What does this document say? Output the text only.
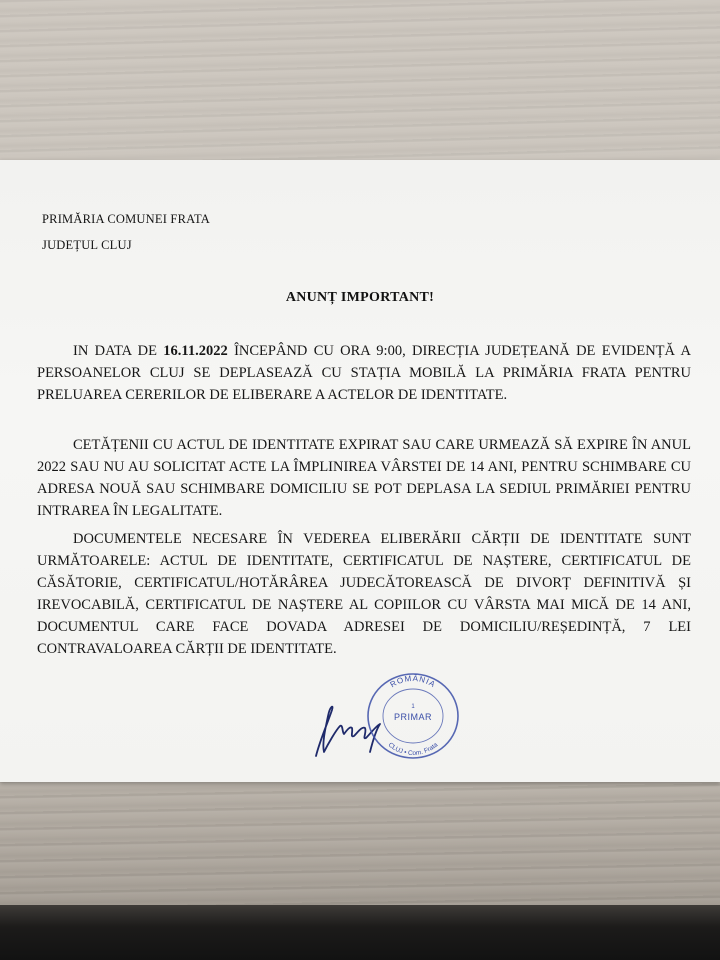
PRIMĂRIA COMUNEI FRATA
JUDEȚUL CLUJ
ANUNȚ IMPORTANT!
IN DATA DE 16.11.2022 ÎNCEPÂND CU ORA 9:00, DIRECȚIA JUDEȚEANĂ DE EVIDENȚĂ A PERSOANELOR CLUJ SE DEPLASEAZĂ CU STAȚIA MOBILĂ LA PRIMĂRIA FRATA PENTRU PRELUAREA CERERILOR DE ELIBERARE A ACTELOR DE IDENTITATE.
CETĂȚENII CU ACTUL DE IDENTITATE EXPIRAT SAU CARE URMEAZĂ SĂ EXPIRE ÎN ANUL 2022 SAU NU AU SOLICITAT ACTE LA ÎMPLINIREA VÂRSTEI DE 14 ANI, PENTRU SCHIMBARE CU ADRESA NOUĂ SAU SCHIMBARE DOMICILIU SE POT DEPLASA LA SEDIUL PRIMĂRIEI PENTRU INTRAREA ÎN LEGALITATE.
DOCUMENTELE NECESARE ÎN VEDEREA ELIBERĂRII CĂRȚII DE IDENTITATE SUNT URMĂTOARELE: ACTUL DE IDENTITATE, CERTIFICATUL DE NAȘTERE, CERTIFICATUL DE CĂSĂTORIE, CERTIFICATUL/HOTĂRÂREA JUDECĂTOREASCĂ DE DIVORȚ DEFINITIVĂ ȘI IREVOCABILĂ, CERTIFICATUL DE NAȘTERE AL COPIILOR CU VÂRSTA MAI MICĂ DE 14 ANI, DOCUMENTUL CARE FACE DOVADA ADRESEI DE DOMICILIU/REȘEDINȚĂ, 7 LEI CONTRAVALOAREA CĂRȚII DE IDENTITATE.
ROMÂNIA
1
PRIMAR
CLUJ • Com. Frata
